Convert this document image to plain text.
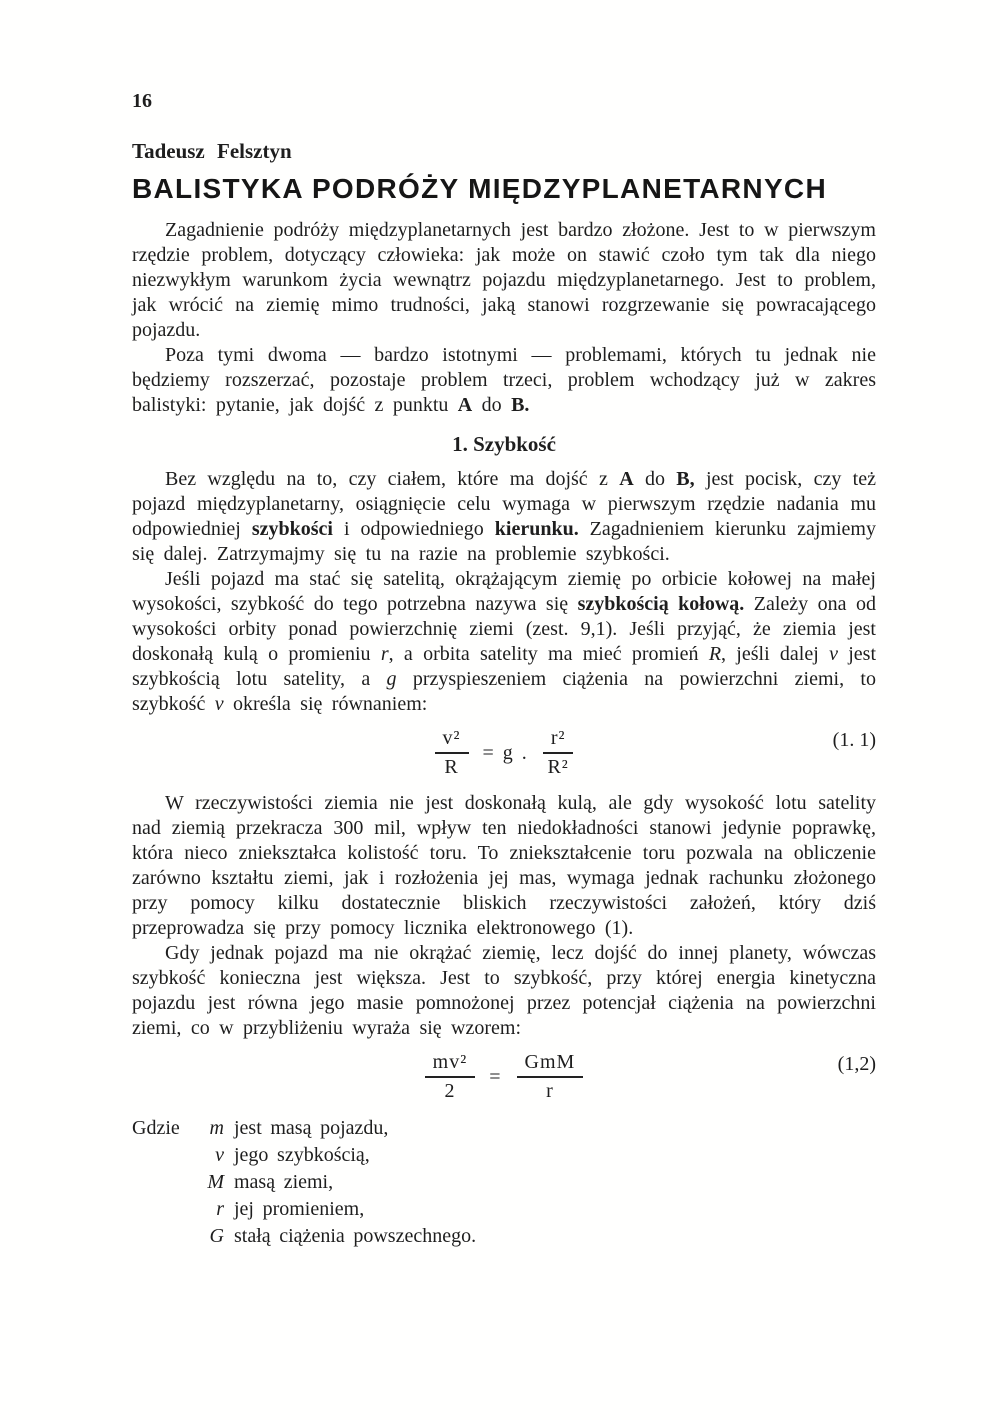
16
Tadeusz Felsztyn
BALISTYKA PODRÓŻY MIĘDZYPLANETARNYCH

Zagadnienie podróży międzyplanetarnych jest bardzo złożone. Jest to w pierwszym rzędzie problem, dotyczący człowieka: jak może on stawić czoło tym tak dla niego niezwykłym warunkom życia wewnątrz pojazdu międzyplanetarnego. Jest to problem, jak wrócić na ziemię mimo trudności, jaką stanowi rozgrzewanie się powracającego pojazdu.

Poza tymi dwoma — bardzo istotnymi — problemami, których tu jednak nie będziemy rozszerzać, pozostaje problem trzeci, problem wchodzący już w zakres balistyki: pytanie, jak dojść z punktu A do B.

1. Szybkość

Bez względu na to, czy ciałem, które ma dojść z A do B, jest pocisk, czy też pojazd międzyplanetarny, osiągnięcie celu wymaga w pierwszym rzędzie nadania mu odpowiedniej szybkości i odpowiedniego kierunku. Zagadnieniem kierunku zajmiemy się dalej. Zatrzymajmy się tu na razie na problemie szybkości.

Jeśli pojazd ma stać się satelitą, okrążającym ziemię po orbicie kołowej na małej wysokości, szybkość do tego potrzebna nazywa się szybkością kołową. Zależy ona od wysokości orbity ponad powierzchnię ziemi (zest. 9,1). Jeśli przyjąć, że ziemia jest doskonałą kulą o promieniu r, a orbita satelity ma mieć promień R, jeśli dalej v jest szybkością lotu satelity, a g przyspieszeniem ciążenia na powierzchni ziemi, to szybkość v określa się równaniem:

$\frac{\text{v²}}{R} = g$ . $\frac{\text{r²}}{\text{R²}}$	(1. 1)

W rzeczywistości ziemia nie jest doskonałą kulą, ale gdy wysokość lotu satelity nad ziemią przekracza 300 mil, wpływ ten niedokładności stanowi jedynie poprawkę, która nieco zniekształca kolistość toru. To zniekształcenie toru pozwala na obliczenie zarówno kształtu ziemi, jak i rozłożenia jej mas, wymaga jednak rachunku złożonego przy pomocy kilku dostatecznie bliskich rzeczywistości założeń, który dziś przeprowadza się przy pomocy licznika elektronowego (1).

Gdy jednak pojazd ma nie okrążać ziemię, lecz dojść do innej planety, wówczas szybkość konieczna jest większa. Jest to szybkość, przy której energia kinetyczna pojazdu jest równa jego masie pomnożonej przez potencjał ciążenia na powierzchni ziemi, co w przybliżeniu wyraża się wzorem:

$\frac{\text{mv²}}{2} = \frac{\text{GmM}}{r}$	(1,2)
Gdzie	m jest masą pojazdu,
v jego szybkością,
M masą ziemi,
r jej promieniem,
G stałą ciążenia powszechnego.
